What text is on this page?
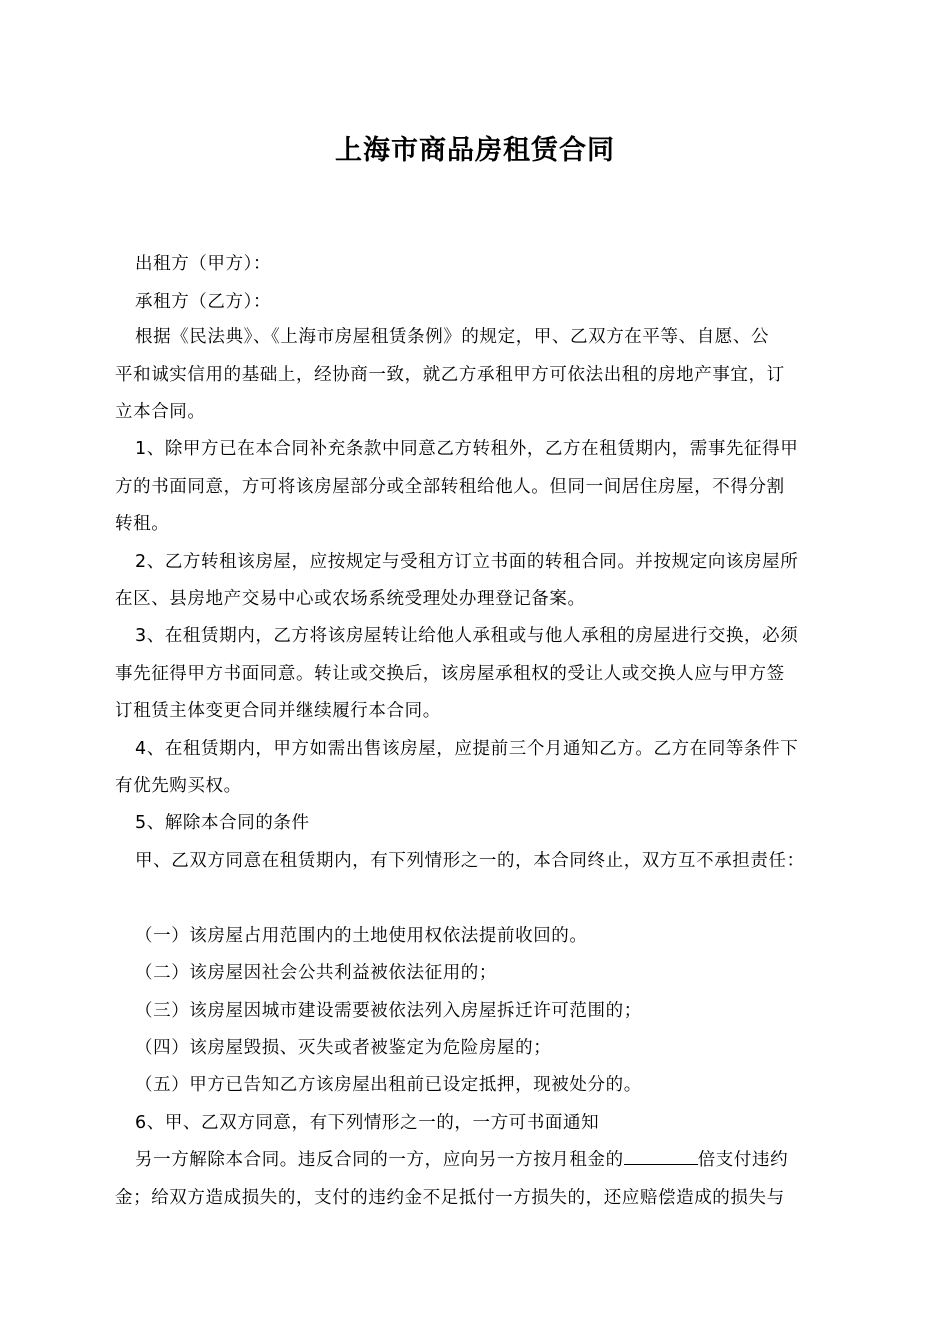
上海市商品房租赁合同
出租方（甲方）：
承租方（乙方）：
根据《民法典》、《上海市房屋租赁条例》的规定，甲、乙双方在平等、自愿、公
平和诚实信用的基础上，经协商一致，就乙方承租甲方可依法出租的房地产事宜，订
立本合同。
1、除甲方已在本合同补充条款中同意乙方转租外，乙方在租赁期内，需事先征得甲
方的书面同意，方可将该房屋部分或全部转租给他人。但同一间居住房屋，不得分割
转租。
2、乙方转租该房屋，应按规定与受租方订立书面的转租合同。并按规定向该房屋所
在区、县房地产交易中心或农场系统受理处办理登记备案。
3、在租赁期内，乙方将该房屋转让给他人承租或与他人承租的房屋进行交换，必须
事先征得甲方书面同意。转让或交换后，该房屋承租权的受让人或交换人应与甲方签
订租赁主体变更合同并继续履行本合同。
4、在租赁期内，甲方如需出售该房屋，应提前三个月通知乙方。乙方在同等条件下
有优先购买权。
5、解除本合同的条件
甲、乙双方同意在租赁期内，有下列情形之一的，本合同终止，双方互不承担责任：
（一）该房屋占用范围内的土地使用权依法提前收回的。
（二）该房屋因社会公共利益被依法征用的；
（三）该房屋因城市建设需要被依法列入房屋拆迁许可范围的；
（四）该房屋毁损、灭失或者被鉴定为危险房屋的；
（五）甲方已告知乙方该房屋出租前已设定抵押，现被处分的。
6、甲、乙双方同意，有下列情形之一的，一方可书面通知
另一方解除本合同。违反合同的一方，应向另一方按月租金的	倍支付违约
金；给双方造成损失的，支付的违约金不足抵付一方损失的，还应赔偿造成的损失与
